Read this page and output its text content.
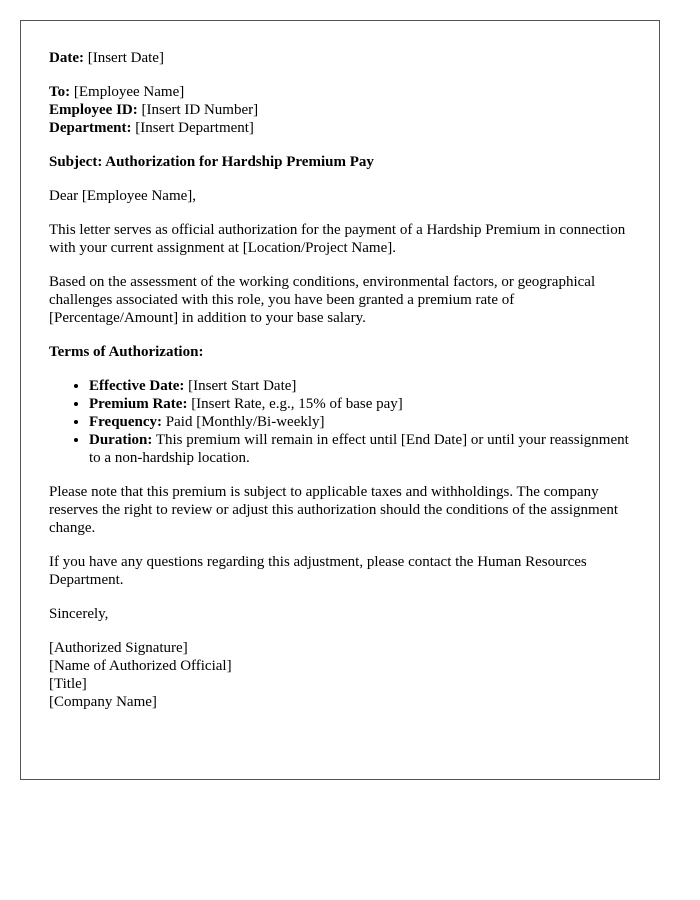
Date: [Insert Date]

To: [Employee Name]

Employee ID: [Insert ID Number]

Department: [Insert Department]

Subject: Authorization for Hardship Premium Pay

Dear [Employee Name],

This letter serves as official authorization for the payment of a Hardship Premium in connection with your current assignment at [Location/Project Name].

Based on the assessment of the working conditions, environmental factors, or geographical challenges associated with this role, you have been granted a premium rate of [Percentage/Amount] in addition to your base salary.

Terms of Authorization:

• Effective Date: [Insert Start Date]
• Premium Rate: [Insert Rate, e.g., 15% of base pay]
• Frequency: Paid [Monthly/Bi-weekly]
• Duration: This premium will remain in effect until [End Date] or until your reassignment to a non-hardship location.

Please note that this premium is subject to applicable taxes and withholdings. The company reserves the right to review or adjust this authorization should the conditions of the assignment change.

If you have any questions regarding this adjustment, please contact the Human Resources Department.

Sincerely,

[Authorized Signature]

[Name of Authorized Official]

[Title]

[Company Name]
